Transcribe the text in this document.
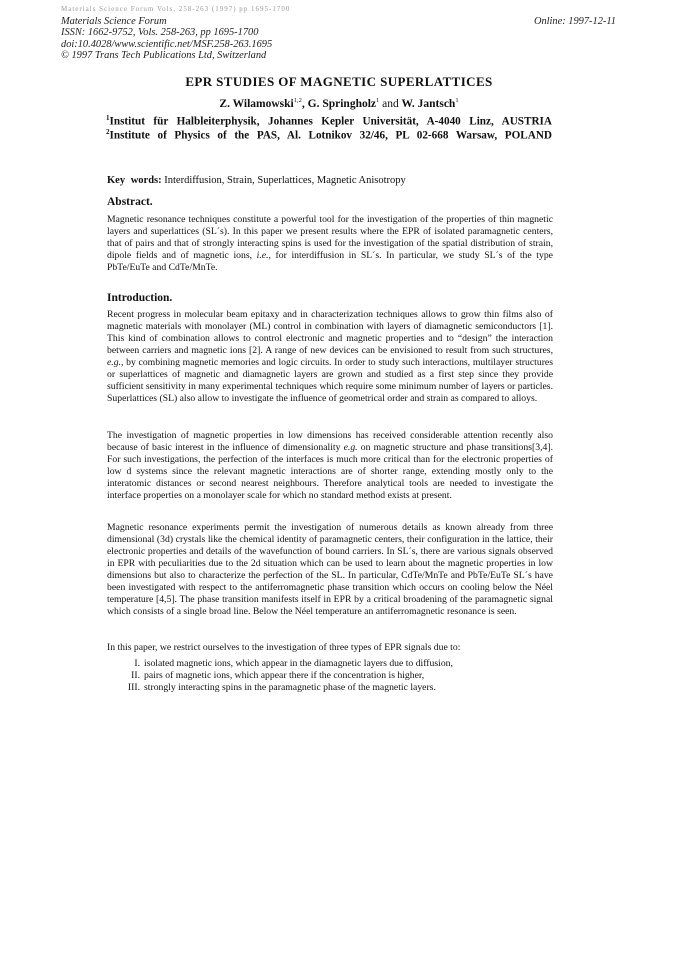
Materials Science Forum Vols. 258-263 (1997) pp 1695-1700
Materials Science Forum
ISSN: 1662-9752, Vols. 258-263, pp 1695-1700
doi:10.4028/www.scientific.net/MSF.258-263.1695
© 1997 Trans Tech Publications Ltd, Switzerland
Online: 1997-12-11
EPR STUDIES OF MAGNETIC SUPERLATTICES
Z. Wilamowski$^{1,2}$, G. Springholz$^1$ and W. Jantsch$^1$
$^1$Institut für Halbleiterphysik, Johannes Kepler Universität, A-4040 Linz, AUSTRIA
$^2$Institute of Physics of the PAS, Al. Lotnikov 32/46, PL 02-668 Warsaw, POLAND
Key words: Interdiffusion, Strain, Superlattices, Magnetic Anisotropy
Abstract.

Magnetic resonance techniques constitute a powerful tool for the investigation of the properties of thin magnetic layers and superlattices (SL´s). In this paper we present results where the EPR of isolated paramagnetic centers, that of pairs and that of strongly interacting spins is used for the investigation of the spatial distribution of strain, dipole fields and of magnetic ions, i.e., for interdiffusion in SL´s. In particular, we study SL´s of the type PbTe/EuTe and CdTe/MnTe.

Introduction.

Recent progress in molecular beam epitaxy and in characterization techniques allows to grow thin films also of magnetic materials with monolayer (ML) control in combination with layers of diamagnetic semiconductors [1]. This kind of combination allows to control electronic and magnetic properties and to “design” the interaction between carriers and magnetic ions [2]. A range of new devices can be envisioned to result from such structures, e.g., by combining magnetic memories and logic circuits. In order to study such interactions, multilayer structures or superlattices of magnetic and diamagnetic layers are grown and studied as a first step since they provide sufficient sensitivity in many experimental techniques which require some minimum number of layers or particles. Superlattices (SL) also allow to investigate the influence of geometrical order and strain as compared to alloys.

The investigation of magnetic properties in low dimensions has received considerable attention recently also because of basic interest in the influence of dimensionality e.g. on magnetic structure and phase transitions[3,4]. For such investigations, the perfection of the interfaces is much more critical than for the electronic properties of low d systems since the relevant magnetic interactions are of shorter range, extending mostly only to the interatomic distances or second nearest neighbours. Therefore analytical tools are needed to investigate the interface properties on a monolayer scale for which no standard method exists at present.

Magnetic resonance experiments permit the investigation of numerous details as known already from three dimensional (3d) crystals like the chemical identity of paramagnetic centers, their configuration in the lattice, their electronic properties and details of the wavefunction of bound carriers. In SL´s, there are various signals observed in EPR with peculiarities due to the 2d situation which can be used to learn about the magnetic properties in low dimensions but also to characterize the perfection of the SL. In particular, CdTe/MnTe and PbTe/EuTe SL´s have been investigated with respect to the antiferromagnetic phase transition which occurs on cooling below the Néel temperature [4,5]. The phase transition manifests itself in EPR by a critical broadening of the paramagnetic signal which consists of a single broad line. Below the Néel temperature an antiferromagnetic resonance is seen.
In this paper, we restrict ourselves to the investigation of three types of EPR signals due to:
I. isolated magnetic ions, which appear in the diamagnetic layers due to diffusion,
II. pairs of magnetic ions, which appear there if the concentration is higher,
III. strongly interacting spins in the paramagnetic phase of the magnetic layers.
